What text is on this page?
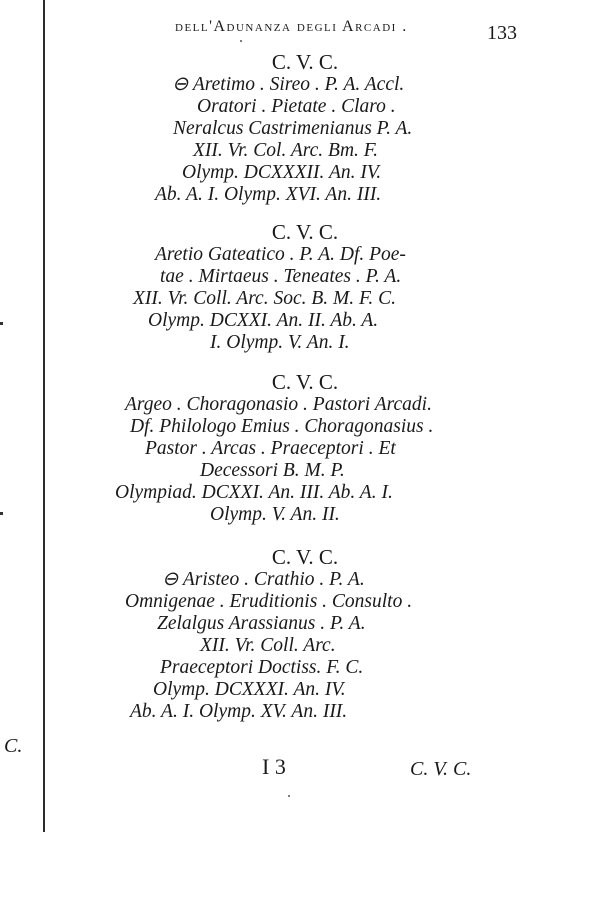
C.
dell'Adunanza degli Arcadi .	133
C. V. C.
⊖ Aretimo . Sireo . P. A. Accl.
Oratori . Pietate . Claro .
Neralcus Castrimenianus P. A.
XII. Vr. Col. Arc. Bm. F.
Olymp. DCXXXII. An. IV.
Ab. A. I. Olymp. XVI. An. III.
C. V. C.
Aretio Gateatico . P. A. Df. Poe-
tae . Mirtaeus . Teneates . P. A.
XII. Vr. Coll. Arc. Soc. B. M. F. C.
Olymp. DCXXI. An. II. Ab. A.
I. Olymp. V. An. I.
C. V. C.
Argeo . Choragonasio . Pastori Arcadi.
Df. Philologo Emius . Choragonasius .
Pastor . Arcas . Praeceptori . Et
Decessori B. M. P.
Olympiad. DCXXI. An. III. Ab. A. I.
Olymp. V. An. II.
C. V. C.
⊖ Aristeo . Crathio . P. A.
Omnigenae . Eruditionis . Consulto .
Zelalgus Arassianus . P. A.
XII. Vr. Coll. Arc.
Praeceptori Doctiss. F. C.
Olymp. DCXXXI. An. IV.
Ab. A. I. Olymp. XV. An. III.
I 3	C. V. C.
